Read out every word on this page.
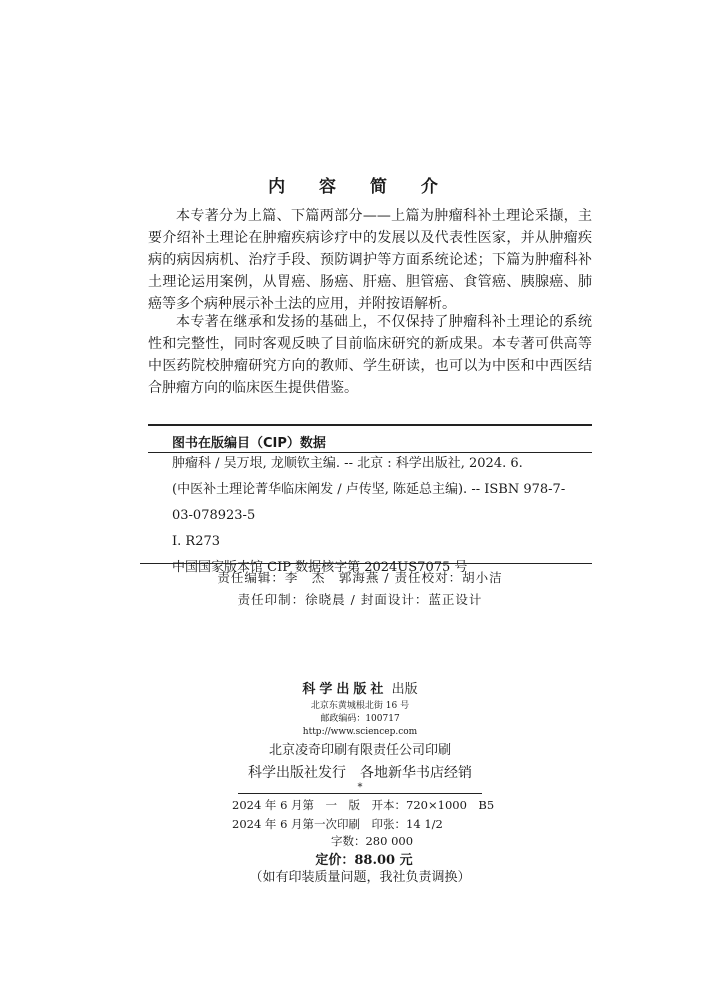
内 容 简 介
本专著分为上篇、下篇两部分——上篇为肿瘤科补土理论采撷，主要介绍补土理论在肿瘤疾病诊疗中的发展以及代表性医家，并从肿瘤疾病的病因病机、治疗手段、预防调护等方面系统论述；下篇为肿瘤科补土理论运用案例，从胃癌、肠癌、肝癌、胆管癌、食管癌、胰腺癌、肺癌等多个病种展示补土法的应用，并附按语解析。
本专著在继承和发扬的基础上，不仅保持了肿瘤科补土理论的系统性和完整性，同时客观反映了目前临床研究的新成果。本专著可供高等中医药院校肿瘤研究方向的教师、学生研读，也可以为中医和中西医结合肿瘤方向的临床医生提供借鉴。
图书在版编目（CIP）数据
肿瘤科 / 吴万垠, 龙顺钦主编. -- 北京 : 科学出版社, 2024. 6.
(中医补土理论菁华临床阐发 / 卢传坚, 陈延总主编). -- ISBN 978-7-
03-078923-5
Ⅰ. R273
中国国家版本馆 CIP 数据核字第 2024US7075 号
责任编辑：李　杰　郭海燕 / 责任校对：胡小洁
责任印制：徐晓晨 / 封面设计：蓝正设计
科学出版社 出版
北京东黄城根北街 16 号
邮政编码：100717
http://www.sciencep.com
北京凌奇印刷有限责任公司印刷
科学出版社发行　各地新华书店经销
*
2024 年 6 月第　一　版　开本：720×1000　B5
2024 年 6 月第一次印刷　印张：14 1/2
字数：280 000
定价：88.00 元
（如有印装质量问题，我社负责调换）
